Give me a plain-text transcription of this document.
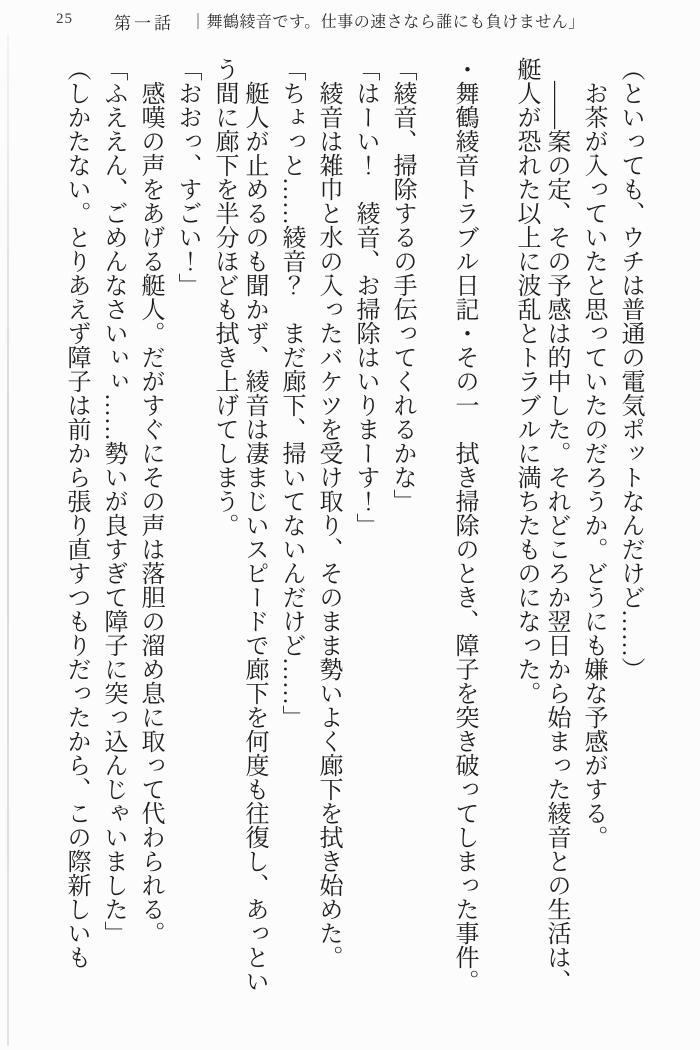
25 第一話 ｜舞鶴綾音です。仕事の速さなら誰にも負けません」

（といっても、ウチは普通の電気ポットなんだけど……）

　お茶が入っていたと思っていたのだろうか。どうにも嫌な予感がする。

　――案の定、その予感は的中した。それどころか翌日から始まった綾音との生活は、艇人が恐れた以上に波乱とトラブルに満ちたものになった。

・舞鶴綾音トラブル日記・その一　拭き掃除のとき、障子を突き破ってしまった事件。

「綾音、掃除するの手伝ってくれるかな」

「はーい！　綾音、お掃除はいりまーす！」

　綾音は雑巾と水の入ったバケツを受け取り、そのまま勢いよく廊下を拭き始めた。

「ちょっと……綾音？　まだ廊下、掃いてないんだけど……」

　艇人が止めるのも聞かず、綾音は凄まじいスピードで廊下を何度も往復し、あっという間に廊下を半分ほども拭き上げてしまう。

「おおっ、すごい！」

　感嘆の声をあげる艇人。だがすぐにその声は落胆の溜め息に取って代わられる。

「ふええん、ごめんなさいぃぃ……勢いが良すぎて障子に突っ込んじゃいました」

（しかたない。とりあえず障子は前から張り直すつもりだったから、この際新しいも
